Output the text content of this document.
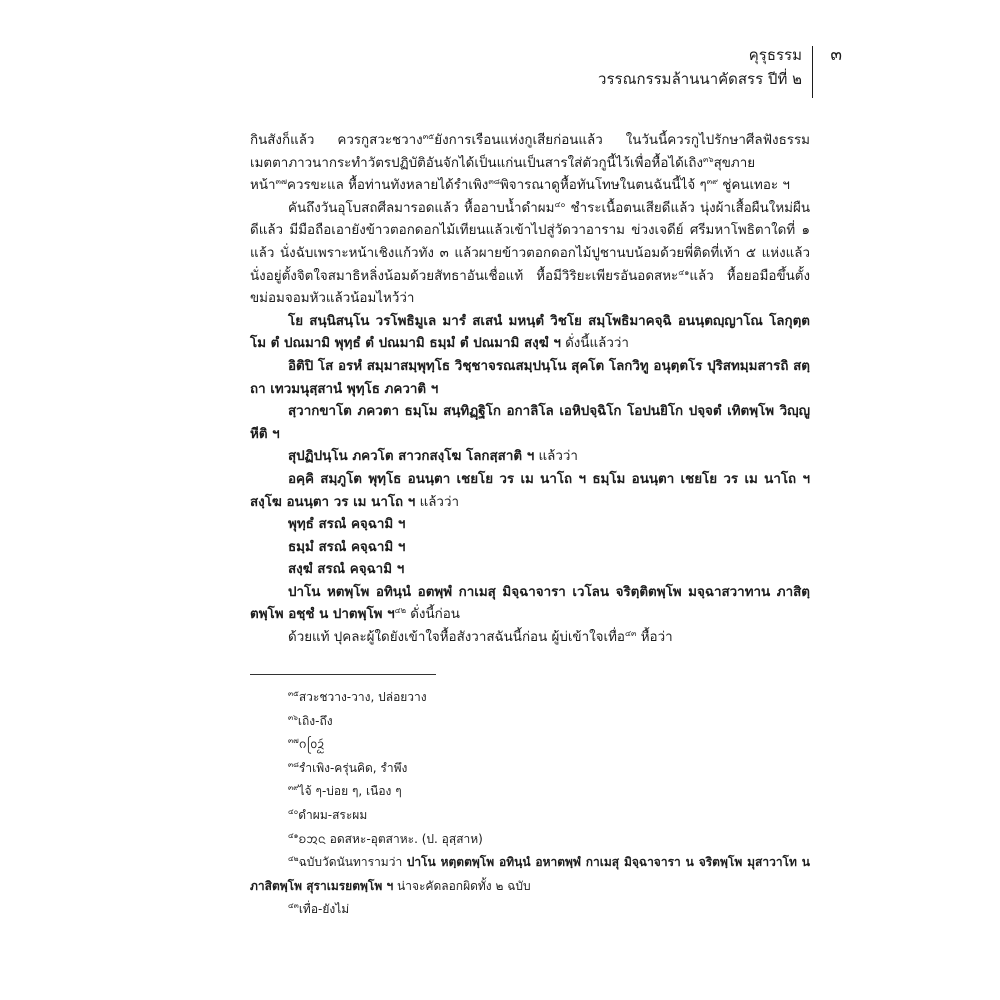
คุรุธรรม
วรรณกรรมล้านนาคัดสรร ปีที่ ๒
๓

กินสังก็แล้ว ควรกูสวะชวาง$^{๓๕}$ยังการเรือนแห่งกูเสียก่อนแล้ว ในวันนี้ควรกูไปรักษาศีลฟังธรรม เมตตาภาวนากระทำวัตรปฏิบัติอันจักได้เป็นแก่นเป็นสารใส่ตัวกูนี้ไว้เพื่อหื้อได้เถิง$^{๓๖}$สุขภายหน้า$^{๓๗}$ควรขะแล หื้อท่านทังหลายได้รำเพิง$^{๓๘}$พิจารณาดูหื้อทันโทษในตนฉันนี้ไจ้ ๆ$^{๓๙}$ ชู่คนเทอะ ฯ

คันถึงวันอุโบสถศีลมารอดแล้ว หื้ออาบน้ำดำผม$^{๔๐}$ ชำระเนื้อตนเสียดีแล้ว นุ่งผ้าเสื้อผืนใหม่ผืนดีแล้ว มีมือถือเอายังข้าวตอกดอกไม้เทียนแล้วเข้าไปสู่วัดวาอาราม ข่วงเจดีย์ ศรีมหาโพธิตาใดที่ ๑ แล้ว นั่งฉับเพราะหน้าเชิงแก้วทัง ๓ แล้วผายข้าวตอกดอกไม้ปูชานบน้อมด้วยพี่ติดที่เท้า ๕ แห่งแล้ว นั่งอยู่ตั้งจิตใจสมาธิหลิ่งน้อมด้วยสัทธาอันเชื่อแท้ หื้อมีวิริยะเพียรอันอดสหะ$^{๔๑}$แล้ว หื้อยอมือขึ้นตั้งขม่อมจอมหัวแล้วน้อมไหว้ว่า

โย สนฺนิสนฺโน วรโพธิมูเล มารํ สเสนํ มหนฺตํ วิชโย สมฺโพธิมาคจฺฉิ อนนฺตญฺญาโณ โลกุตฺตโม ตํ ปณมามิ พุทฺธํ ตํ ปณมามิ ธมฺมํ ตํ ปณมามิ สงฺฆํ ฯ ดั่งนี้แล้วว่า

อิติปิ โส อรหํ สมฺมาสมฺพุทฺโธ วิชฺชาจรณสมฺปนฺโน สุคโต โลกวิทู อนุตฺตโร ปุริสทมฺมสารถิ สตฺถา เทวมนุสฺสานํ พุทฺโธ ภควาติ ฯ

สฺวากขาโต ภควตา ธมฺโม สนฺทิฏฺฐิโก อกาลิโล เอหิปจฺฉิโก โอปนยิโก ปจฺจตํ เทิตพฺโพ วิญฺญูหีติ ฯ

สุปฏิปนฺโน ภควโต สาวกสงฺโฆ โลกสฺสาติ ฯ แล้วว่า

อคฺคิ สมฺภูโต พุทฺโธ อนนฺตา เชยโย วร เม นาโถ ฯ ธมฺโม อนนฺตา เชยโย วร เม นาโถ ฯ สงฺโฆ อนนฺตา วร เม นาโถ ฯ แล้วว่า

พุทฺธํ สรณํ คจฺฉามิ ฯ

ธมฺมํ สรณํ คจฺฉามิ ฯ

สงฺฆํ สรณํ คจฺฉามิ ฯ

ปาโน หตพฺโพ อทินฺนํ อตพฺพํ กาเมสุ มิจฺฉาจารา เวโลน จริตฺติตพฺโพ มจฺฉาสวาทาน ภาสิตฺตพฺโพ อชฺชํ น ปาตพฺโพ ฯ$^{๔๒}$ ดั่งนี้ก่อน

ด้วยแท้ ปุคละผู้ใดยังเข้าใจหื้อสังวาสฉันนี้ก่อน ผู้บ่เข้าใจเทื่อ$^{๔๓}$ หื้อว่า

$^{๓๕}$สวะชวาง-วาง, ปล่อยวาง

$^{๓๖}$เถิง-ถึง

$^{๓๗}$ᨣᩅᩕᨯᩢᩬ

$^{๓๘}$รำเพิง-ครุ่นคิด, รำพึง

$^{๓๙}$ไจ้ ๆ-บ่อย ๆ, เนือง ๆ

$^{๔๐}$ดำผม-สระผม

$^{๔๑}$ᨧᩋᨶ อดสหะ-อุตสาหะ. (ป. อุสฺสาห)

$^{๔๒}$ฉบับวัดนันทารามว่า ปาโน หตฺตตพฺโพ อทินฺนํ อหาตพฺพํ กาเมสุ มิจฺฉาจารา น จริตพฺโพ มุสาวาโท น ภาสิตพฺโพ สุราเมรยตพฺโพ ฯ น่าจะคัดลอกผิดทั้ง ๒ ฉบับ

$^{๔๓}$เทื่อ-ยังไม่
